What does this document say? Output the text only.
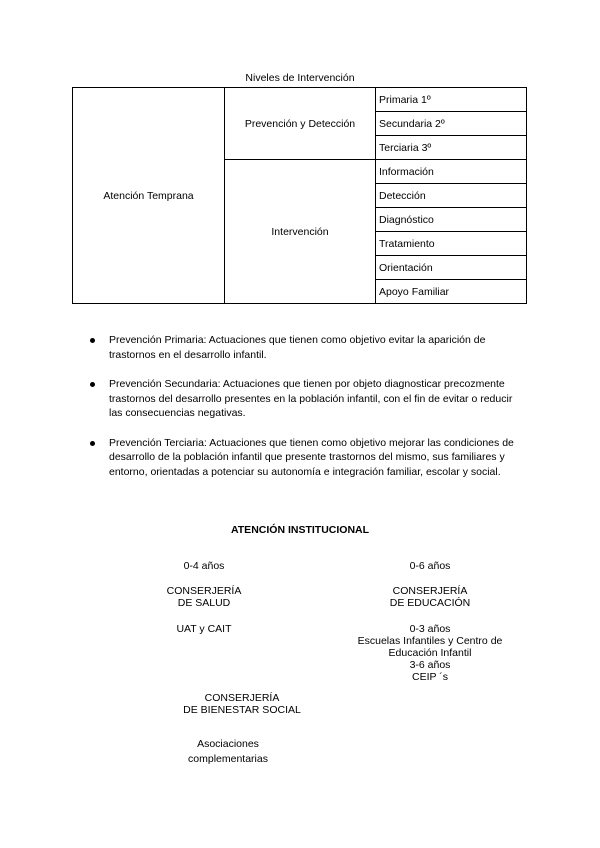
Niveles de Intervención
Atención Temprana	Prevención y Detección	Primaria 1º
		Secundaria 2º
		Terciaria 3º
	Intervención	Información
		Detección
		Diagnóstico
		Tratamiento
		Orientación
		Apoyo Familiar
Prevención Primaria: Actuaciones que tienen como objetivo evitar la aparición de trastornos en el desarrollo infantil.
Prevención Secundaria: Actuaciones que tienen por objeto diagnosticar precozmente trastornos del desarrollo presentes en la población infantil, con el fin de evitar o reducir las consecuencias negativas.
Prevención Terciaria: Actuaciones que tienen como objetivo mejorar las condiciones de desarrollo de la población infantil que presente trastornos del mismo, sus familiares y entorno, orientadas a potenciar su autonomía e integración familiar, escolar y social.
ATENCIÓN INSTITUCIONAL
0-4 años
CONSERJERÍA
DE SALUD
UAT y CAIT
0-6 años
CONSERJERÍA
DE EDUCACIÓN
0-3 años
Escuelas Infantiles y Centro de
Educación Infantil
3-6 años
CEIP ´s
CONSERJERÍA
DE BIENESTAR SOCIAL
Asociaciones
complementarias
